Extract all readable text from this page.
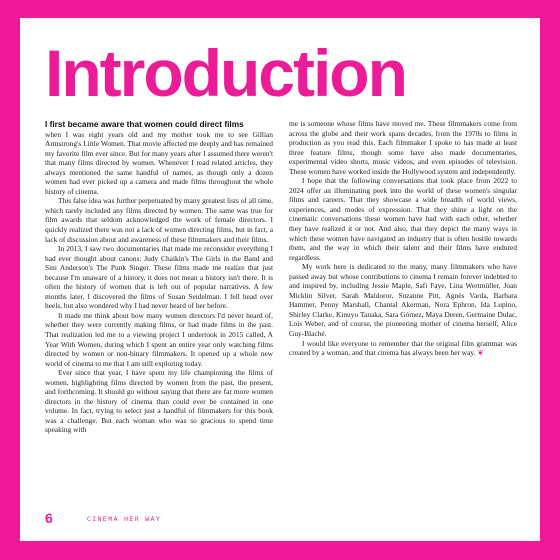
Introduction

I first became aware that women could direct films
when I was eight years old and my mother took me to see Gillian Armstrong's Little Women. That movie affected me deeply and has remained my favorite film ever since. But for many years after I assumed there weren't that many films directed by women. Whenever I read related articles, they always mentioned the same handful of names, as though only a dozen women had ever picked up a camera and made films throughout the whole history of cinema.

This false idea was further perpetuated by many greatest lists of all time, which rarely included any films directed by women. The same was true for film awards that seldom acknowledged the work of female directors. I quickly realized there was not a lack of women directing films, but in fact, a lack of discussion about and awareness of these filmmakers and their films.

In 2013, I saw two documentaries that made me reconsider everything I had ever thought about canons: Judy Chaikin's The Girls in the Band and Sini Anderson's The Punk Singer. These films made me realize that just because I'm unaware of a history, it does not mean a history isn't there. It is often the history of women that is left out of popular narratives. A few months later, I discovered the films of Susan Seidelman. I fell head over heels, but also wondered why I had never heard of her before.

It made me think about how many women directors I'd never heard of, whether they were currently making films, or had made films in the past. That realization led me to a viewing project I undertook in 2015 called, A Year With Women, during which I spent an entire year only watching films directed by women or non-binary filmmakers. It opened up a whole new world of cinema to me that I am still exploring today.

Ever since that year, I have spent my life championing the films of women, highlighting films directed by women from the past, the present, and forthcoming. It should go without saying that there are far more women directors in the history of cinema than could ever be contained in one volume. In fact, trying to select just a handful of filmmakers for this book was a challenge. But each woman who was so gracious to spend time speaking with

me is someone whose films have moved me. These filmmakers come from across the globe and their work spans decades, from the 1970s to films in production as you read this. Each filmmaker I spoke to has made at least three feature films, though some have also made documentaries, experimental video shorts, music videos, and even episodes of television. These women have worked inside the Hollywood system and independently.

I hope that the following conversations that took place from 2022 to 2024 offer an illuminating peek into the world of these women's singular films and careers. That they showcase a wide breadth of world views, experiences, and modes of expression. That they shine a light on the cinematic conversations these women have had with each other, whether they have realized it or not. And also, that they depict the many ways in which these women have navigated an industry that is often hostile towards them, and the way in which their talent and their films have endured regardless.

My work here is dedicated to the many, many filmmakers who have passed away but whose contributions to cinema I remain forever indebted to and inspired by, including Jessie Maple, Safi Faye, Lina Wertmüller, Joan Micklin Silver, Sarah Maldoror, Suzanne Pitt, Agnès Varda, Barbara Hammer, Penny Marshall, Chantal Akerman, Nora Ephron, Ida Lupino, Shirley Clarke, Kinuyo Tanaka, Sara Gómez, Maya Deren, Germaine Dulac, Lois Weber, and of course, the pioneering mother of cinema herself, Alice Guy-Blaché.

I would like everyone to remember that the original film grammar was created by a woman, and that cinema has always been her way. ❦

6	CINEMA HER WAY
